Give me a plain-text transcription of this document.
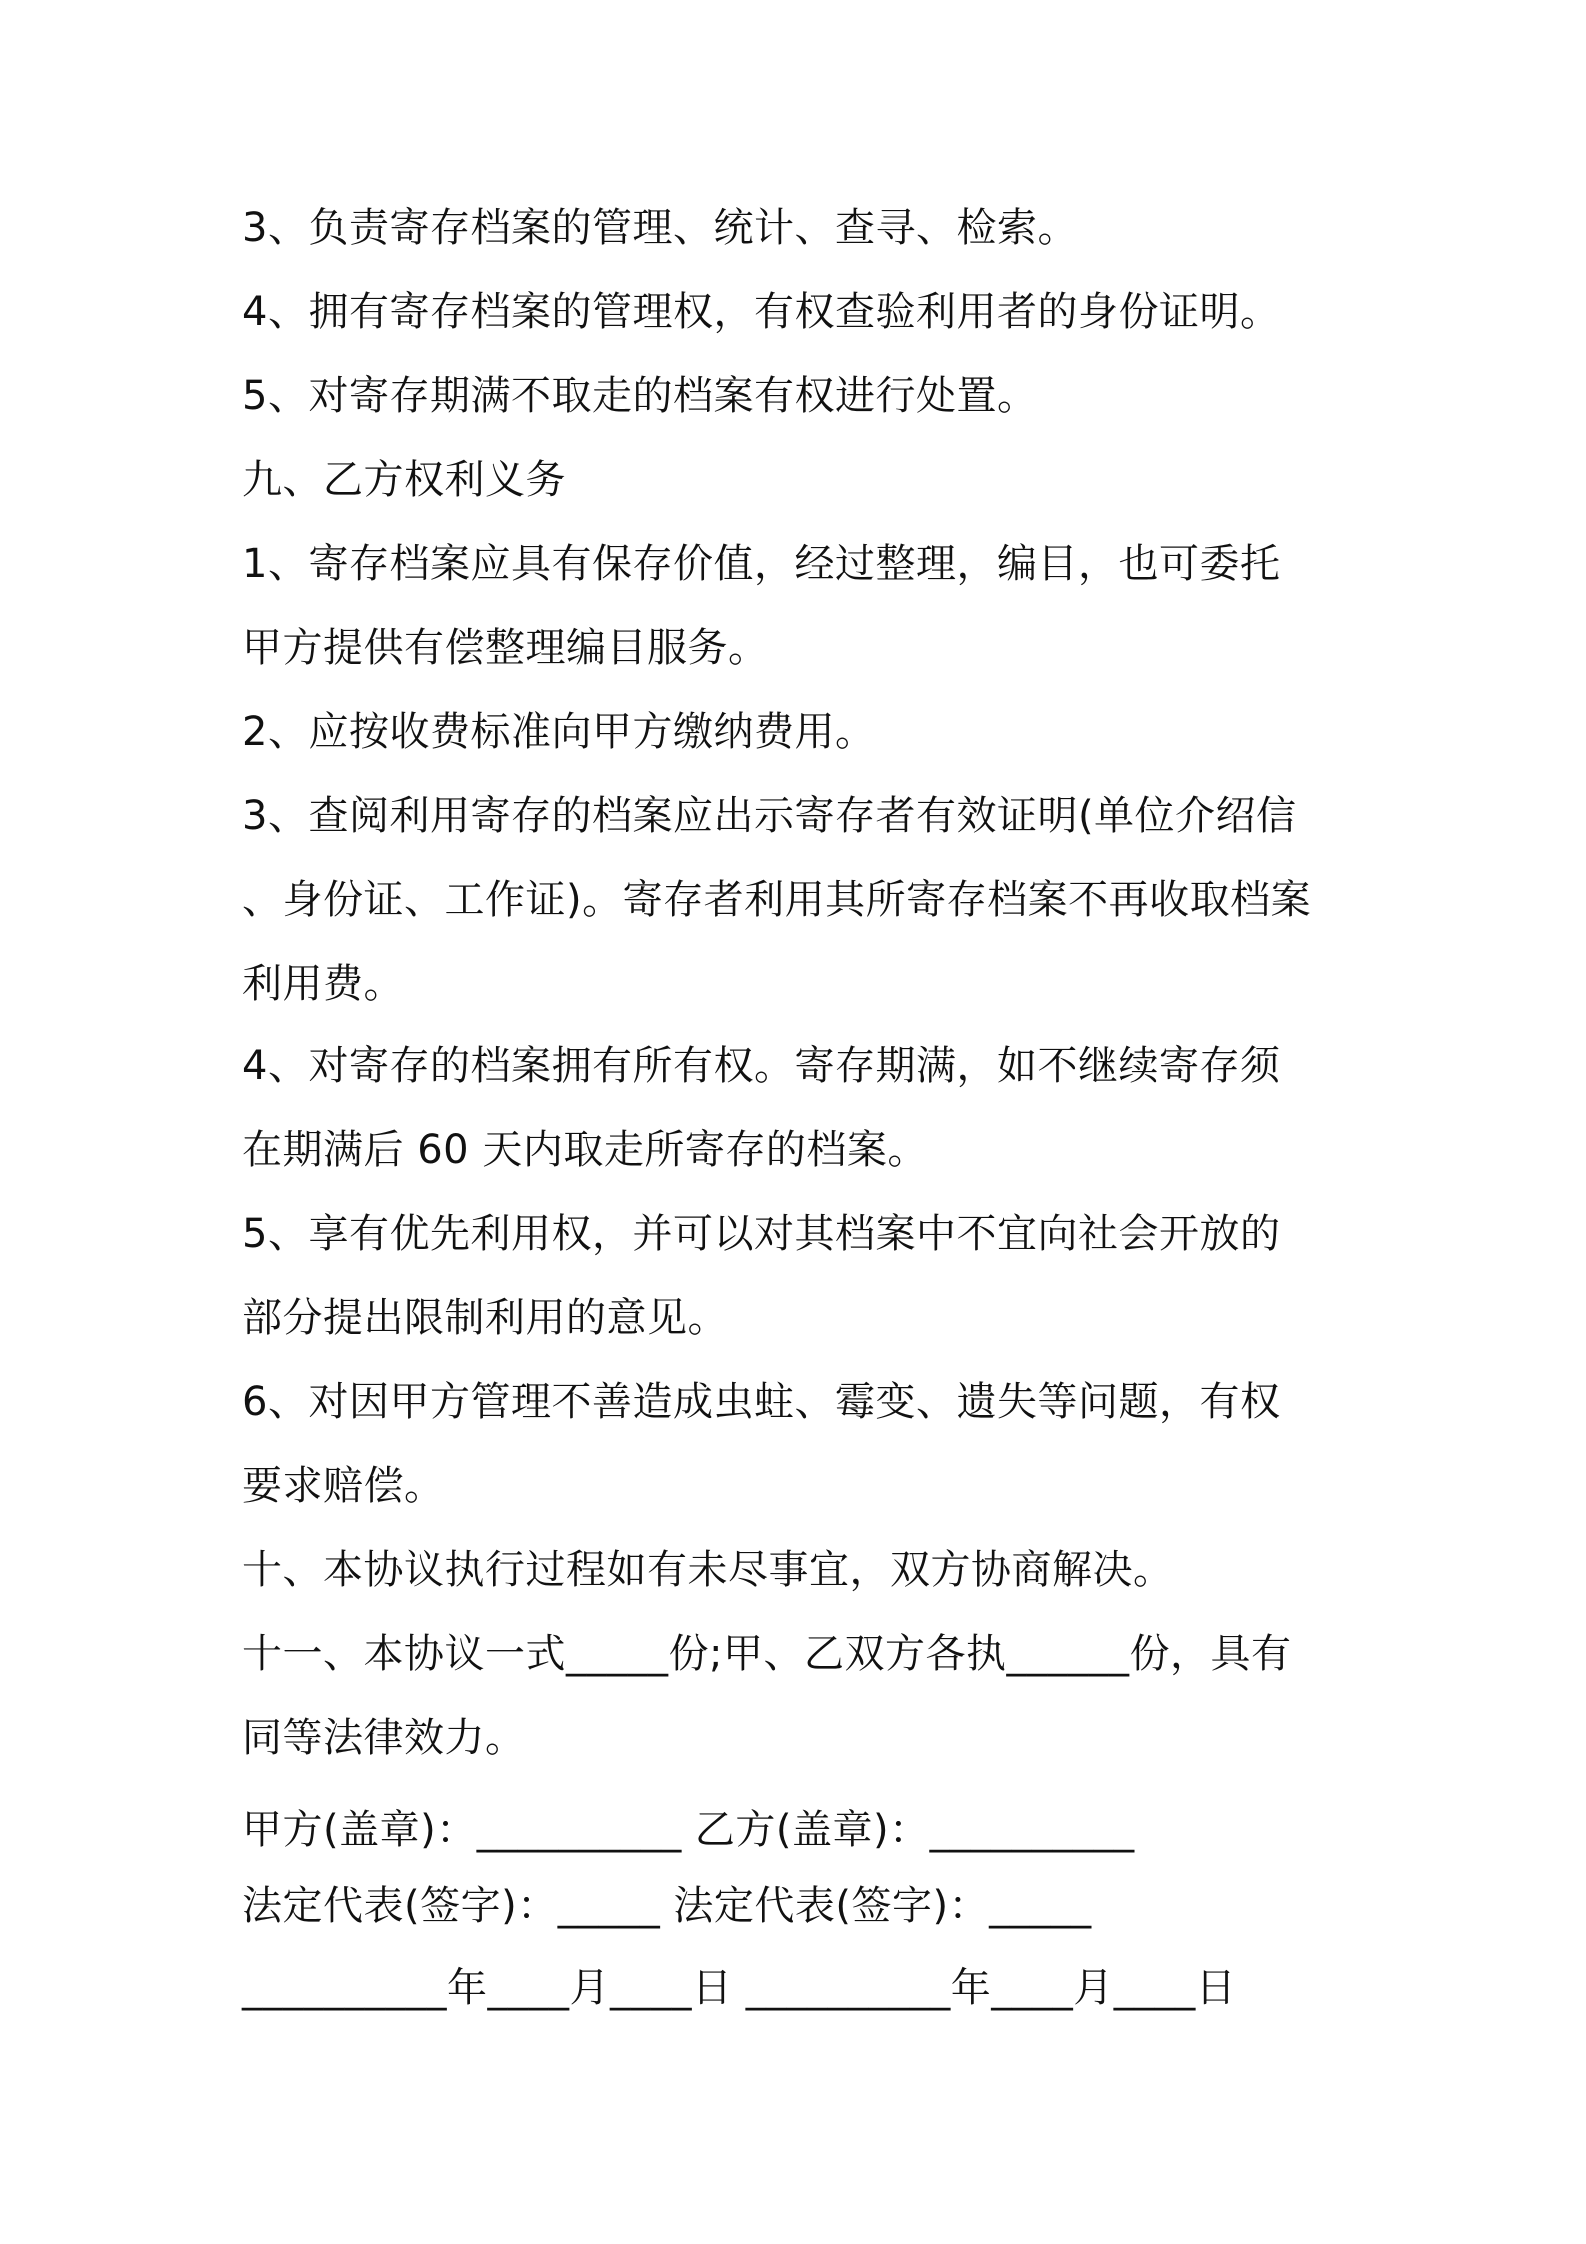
3、负责寄存档案的管理、统计、查寻、检索。
4、拥有寄存档案的管理权，有权查验利用者的身份证明。
5、对寄存期满不取走的档案有权进行处置。
九、乙方权利义务
1、寄存档案应具有保存价值，经过整理，编目，也可委托
甲方提供有偿整理编目服务。
2、应按收费标准向甲方缴纳费用。
3、查阅利用寄存的档案应出示寄存者有效证明(单位介绍信
、身份证、工作证)。寄存者利用其所寄存档案不再收取档案
利用费。
4、对寄存的档案拥有所有权。寄存期满，如不继续寄存须
在期满后 60 天内取走所寄存的档案。
5、享有优先利用权，并可以对其档案中不宜向社会开放的
部分提出限制利用的意见。
6、对因甲方管理不善造成虫蛀、霉变、遗失等问题，有权
要求赔偿。
十、本协议执行过程如有未尽事宜，双方协商解决。
十一、本协议一式_____份;甲、乙双方各执______份，具有
同等法律效力。
甲方(盖章)：__________ 乙方(盖章)：__________
法定代表(签字)：_____ 法定代表(签字)：_____
__________年____月____日 __________年____月____日
